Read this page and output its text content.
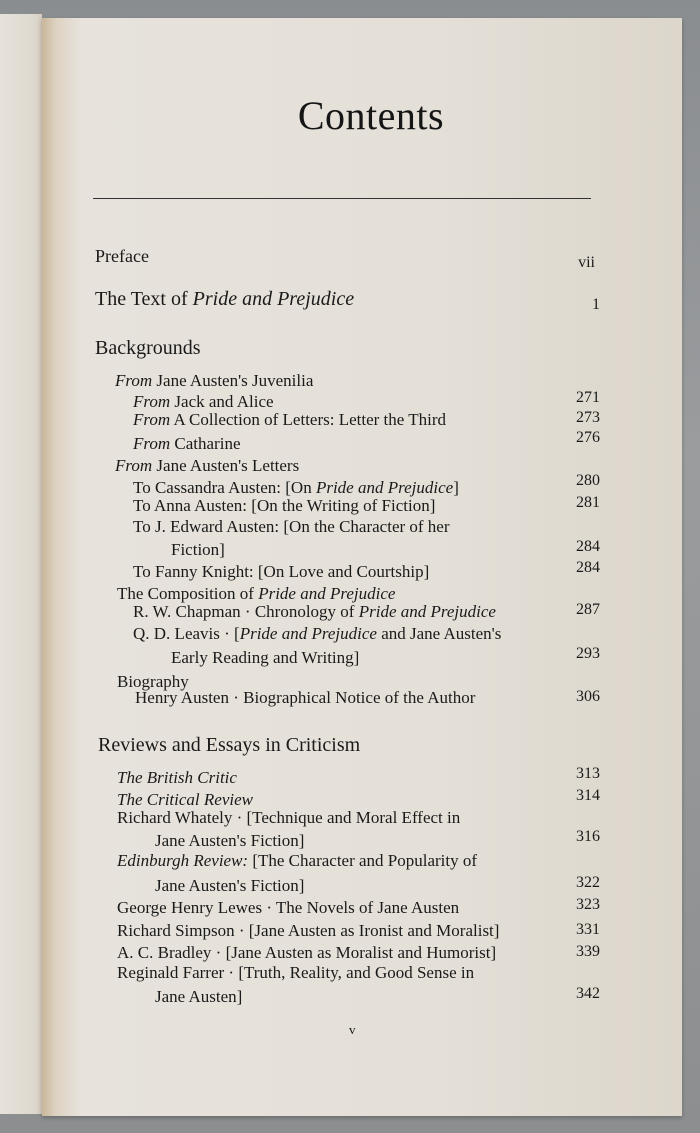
Contents
Preface	vii
The Text of Pride and Prejudice	1
Backgrounds
From Jane Austen's Juvenilia
From Jack and Alice	271
From A Collection of Letters: Letter the Third	273
From Catharine	276
From Jane Austen's Letters
To Cassandra Austen: [On Pride and Prejudice]	280
To Anna Austen: [On the Writing of Fiction]	281
To J. Edward Austen: [On the Character of her
Fiction]	284
To Fanny Knight: [On Love and Courtship]	284
The Composition of Pride and Prejudice
R. W. Chapman · Chronology of Pride and Prejudice	287
Q. D. Leavis · [Pride and Prejudice and Jane Austen's
Early Reading and Writing]	293
Biography
Henry Austen · Biographical Notice of the Author	306
Reviews and Essays in Criticism
The British Critic	313
The Critical Review	314
Richard Whately · [Technique and Moral Effect in
Jane Austen's Fiction]	316
Edinburgh Review: [The Character and Popularity of
Jane Austen's Fiction]	322
George Henry Lewes · The Novels of Jane Austen	323
Richard Simpson · [Jane Austen as Ironist and Moralist]	331
A. C. Bradley · [Jane Austen as Moralist and Humorist]	339
Reginald Farrer · [Truth, Reality, and Good Sense in
Jane Austen]	342
v
